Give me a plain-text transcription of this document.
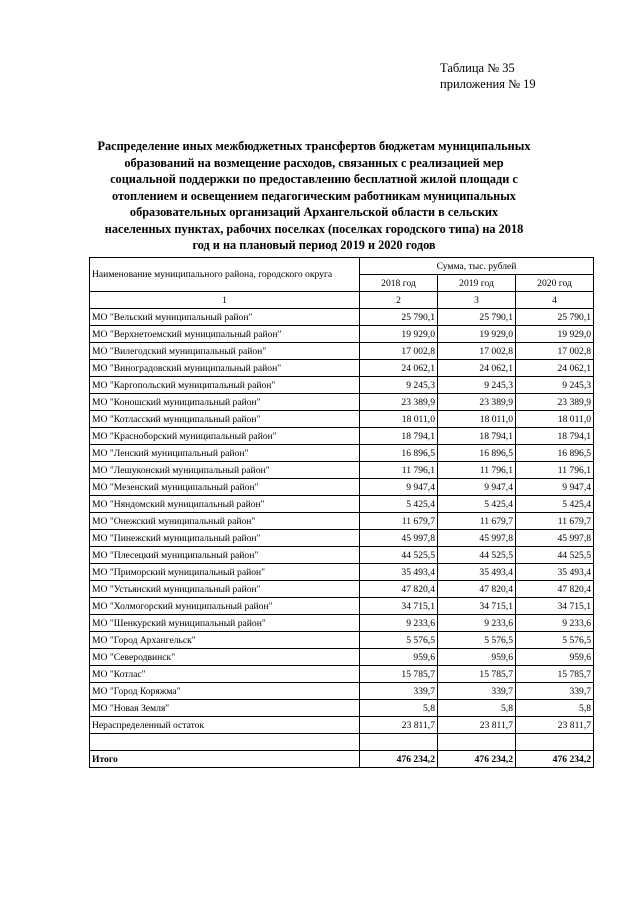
Таблица № 35
приложения № 19
Распределение иных межбюджетных трансфертов бюджетам муниципальных образований на возмещение расходов, связанных с реализацией мер социальной поддержки по предоставлению бесплатной жилой площади с отоплением и освещением педагогическим работникам муниципальных образовательных организаций Архангельской области в сельских населенных пунктах, рабочих поселках (поселках городского типа) на 2018 год и на плановый период 2019 и 2020 годов
Наименование муниципального района, городского округа	Сумма, тыс. рублей		
	2018 год	2019 год	2020 год
1	2	3	4
МО "Вельский муниципальный район"	25 790,1	25 790,1	25 790,1
МО "Верхнетоемский муниципальный район"	19 929,0	19 929,0	19 929,0
МО "Вилегодский муниципальный район"	17 002,8	17 002,8	17 002,8
МО "Виноградовский муниципальный район"	24 062,1	24 062,1	24 062,1
МО "Каргопольский муниципальный район"	9 245,3	9 245,3	9 245,3
МО "Коношский муниципальный район"	23 389,9	23 389,9	23 389,9
МО "Котласский муниципальный район"	18 011,0	18 011,0	18 011,0
МО "Красноборский муниципальный район"	18 794,1	18 794,1	18 794,1
МО "Ленский муниципальный район"	16 896,5	16 896,5	16 896,5
МО "Лешуконский муниципальный район"	11 796,1	11 796,1	11 796,1
МО "Мезенский муниципальный район"	9 947,4	9 947,4	9 947,4
МО "Няндомский муниципальный район"	5 425,4	5 425,4	5 425,4
МО "Онежский муниципальный район"	11 679,7	11 679,7	11 679,7
МО "Пинежский муниципальный район"	45 997,8	45 997,8	45 997,8
МО "Плесецкий муниципальный район"	44 525,5	44 525,5	44 525,5
МО "Приморский муниципальный район"	35 493,4	35 493,4	35 493,4
МО "Устьянский муниципальный район"	47 820,4	47 820,4	47 820,4
МО "Холмогорский муниципальный район"	34 715,1	34 715,1	34 715,1
МО "Шенкурский муниципальный район"	9 233,6	9 233,6	9 233,6
МО "Город Архангельск"	5 576,5	5 576,5	5 576,5
МО "Северодвинск"	959,6	959,6	959,6
МО "Котлас"	15 785,7	15 785,7	15 785,7
МО "Город Коряжма"	339,7	339,7	339,7
МО "Новая Земля"	5,8	5,8	5,8
Нераспределенный остаток	23 811,7	23 811,7	23 811,7

Итого	476 234,2	476 234,2	476 234,2
